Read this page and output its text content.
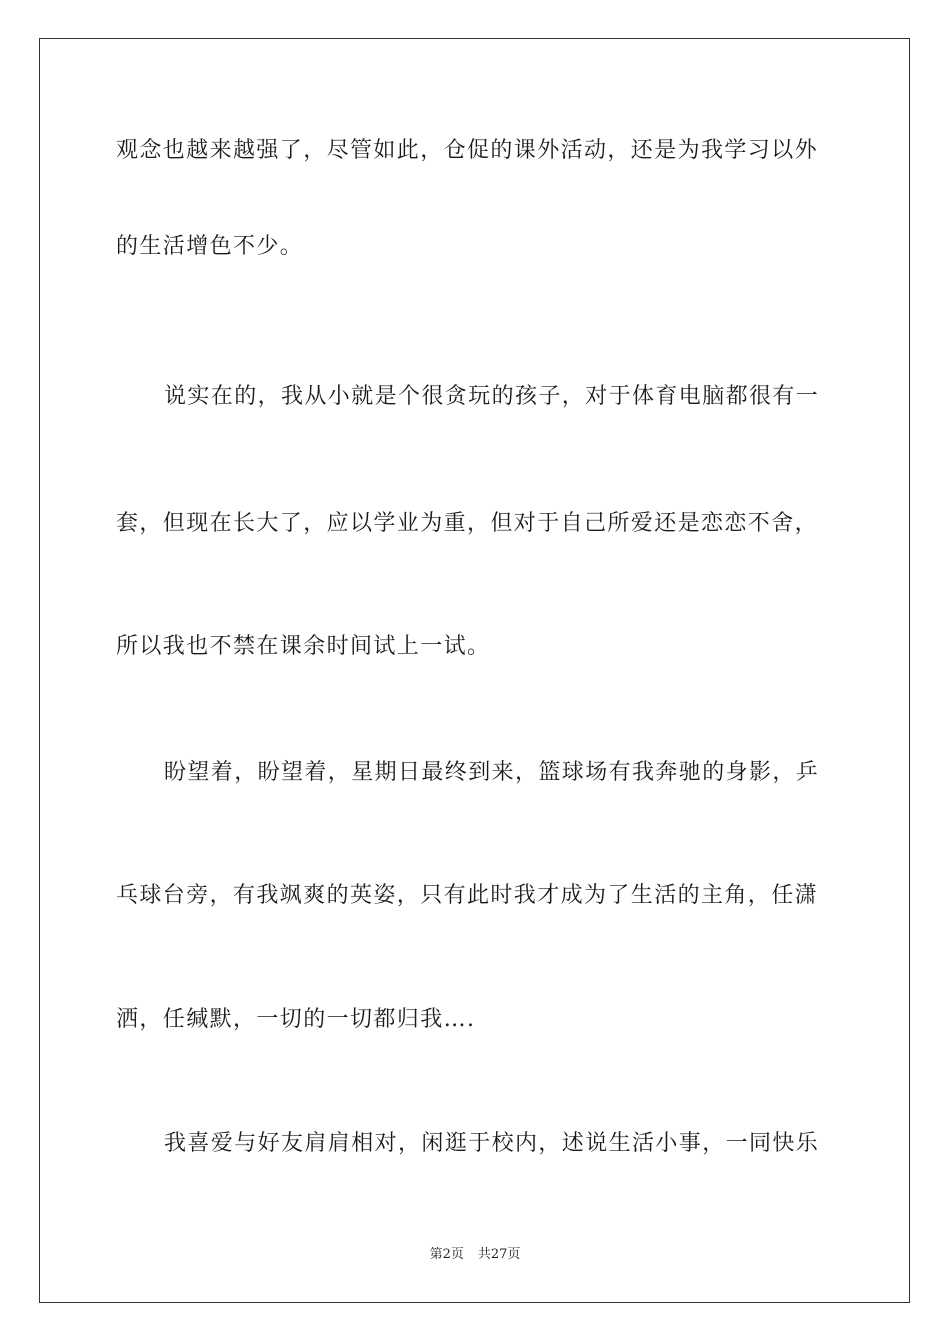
观念也越来越强了，尽管如此，仓促的课外活动，还是为我学习以外
的生活增色不少。
说实在的，我从小就是个很贪玩的孩子，对于体育电脑都很有一
套，但现在长大了，应以学业为重，但对于自己所爱还是恋恋不舍，
所以我也不禁在课余时间试上一试。
盼望着，盼望着，星期日最终到来，篮球场有我奔驰的身影，乒
乓球台旁，有我飒爽的英姿，只有此时我才成为了生活的主角，任潇
洒，任缄默，一切的一切都归我….
我喜爱与好友肩肩相对，闲逛于校内，述说生活小事，一同快乐
第2页 共27页
